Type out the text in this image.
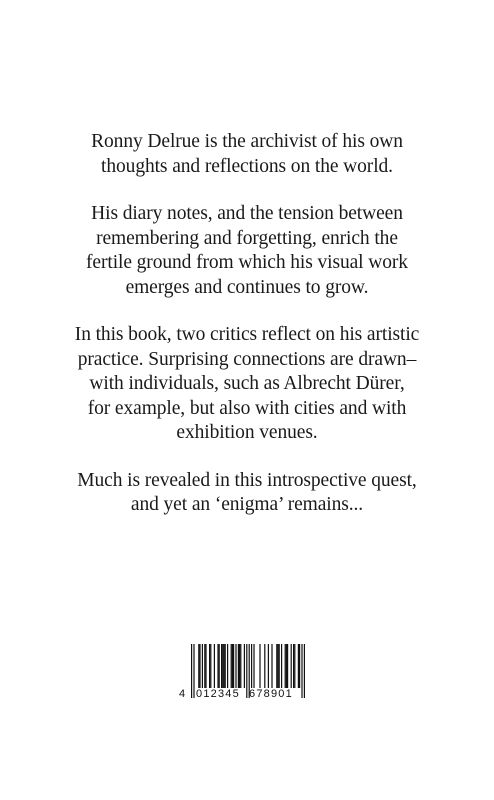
Ronny Delrue is the archivist of his own
thoughts and reflections on the world.

His diary notes, and the tension between
remembering and forgetting, enrich the
fertile ground from which his visual work
emerges and continues to grow.

In this book, two critics reflect on his artistic
practice. Surprising connections are drawn–
with individuals, such as Albrecht Dürer,
for example, but also with cities and with
exhibition venues.

Much is revealed in this introspective quest,
and yet an ‘enigma’ remains...

4 012345 678901
